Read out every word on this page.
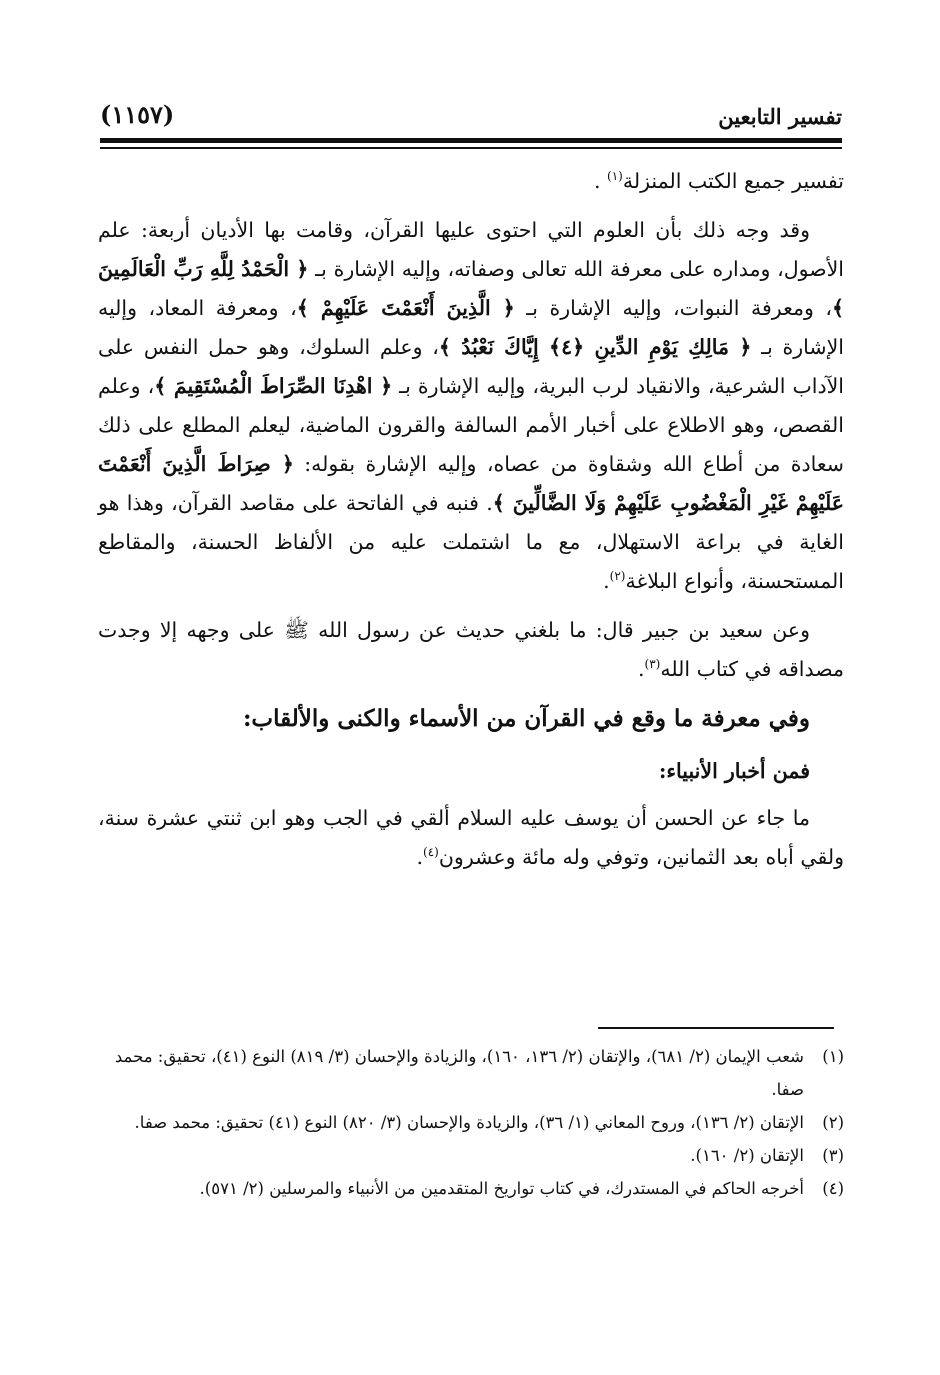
تفسير التابعين
(١١٥٧)

تفسير جميع الكتب المنزلة$^{(١)}$ .

وقد وجه ذلك بأن العلوم التي احتوى عليها القرآن، وقامت بها الأديان أربعة: علم الأصول، ومداره على معرفة الله تعالى وصفاته، وإليه الإشارة بـ ﴿ الْحَمْدُ لِلَّهِ رَبِّ الْعَالَمِينَ ﴾، ومعرفة النبوات، وإليه الإشارة بـ ﴿ الَّذِينَ أَنْعَمْتَ عَلَيْهِمْ ﴾، ومعرفة المعاد، وإليه الإشارة بـ ﴿ مَالِكِ يَوْمِ الدِّينِ ﴿٤﴾ إِيَّاكَ نَعْبُدُ ﴾، وعلم السلوك، وهو حمل النفس على الآداب الشرعية، والانقياد لرب البرية، وإليه الإشارة بـ ﴿ اهْدِنَا الصِّرَاطَ الْمُسْتَقِيمَ ﴾، وعلم القصص، وهو الاطلاع على أخبار الأمم السالفة والقرون الماضية، ليعلم المطلع على ذلك سعادة من أطاع الله وشقاوة من عصاه، وإليه الإشارة بقوله: ﴿ صِرَاطَ الَّذِينَ أَنْعَمْتَ عَلَيْهِمْ غَيْرِ الْمَغْضُوبِ عَلَيْهِمْ وَلَا الضَّالِّينَ ﴾. فنبه في الفاتحة على مقاصد القرآن، وهذا هو الغاية في براعة الاستهلال، مع ما اشتملت عليه من الألفاظ الحسنة، والمقاطع المستحسنة، وأنواع البلاغة$^{(٢)}$.

وعن سعيد بن جبير قال: ما بلغني حديث عن رسول الله ﷺ على وجهه إلا وجدت مصداقه في كتاب الله$^{(٣)}$.

وفي معرفة ما وقع في القرآن من الأسماء والكنى والألقاب:
فمن أخبار الأنبياء:

ما جاء عن الحسن أن يوسف عليه السلام ألقي في الجب وهو ابن ثنتي عشرة سنة، ولقي أباه بعد الثمانين، وتوفي وله مائة وعشرون$^{(٤)}$.

(١)
شعب الإيمان (٢/ ٦٨١)، والإتقان (٢/ ١٣٦، ١٦٠)، والزيادة والإحسان (٣/ ٨١٩) النوع (٤١)، تحقيق: محمد صفا.
(٢)
الإتقان (٢/ ١٣٦)، وروح المعاني (١/ ٣٦)، والزيادة والإحسان (٣/ ٨٢٠) النوع (٤١) تحقيق: محمد صفا.
(٣)
الإتقان (٢/ ١٦٠).
(٤)
أخرجه الحاكم في المستدرك، في كتاب تواريخ المتقدمين من الأنبياء والمرسلين (٢/ ٥٧١).
